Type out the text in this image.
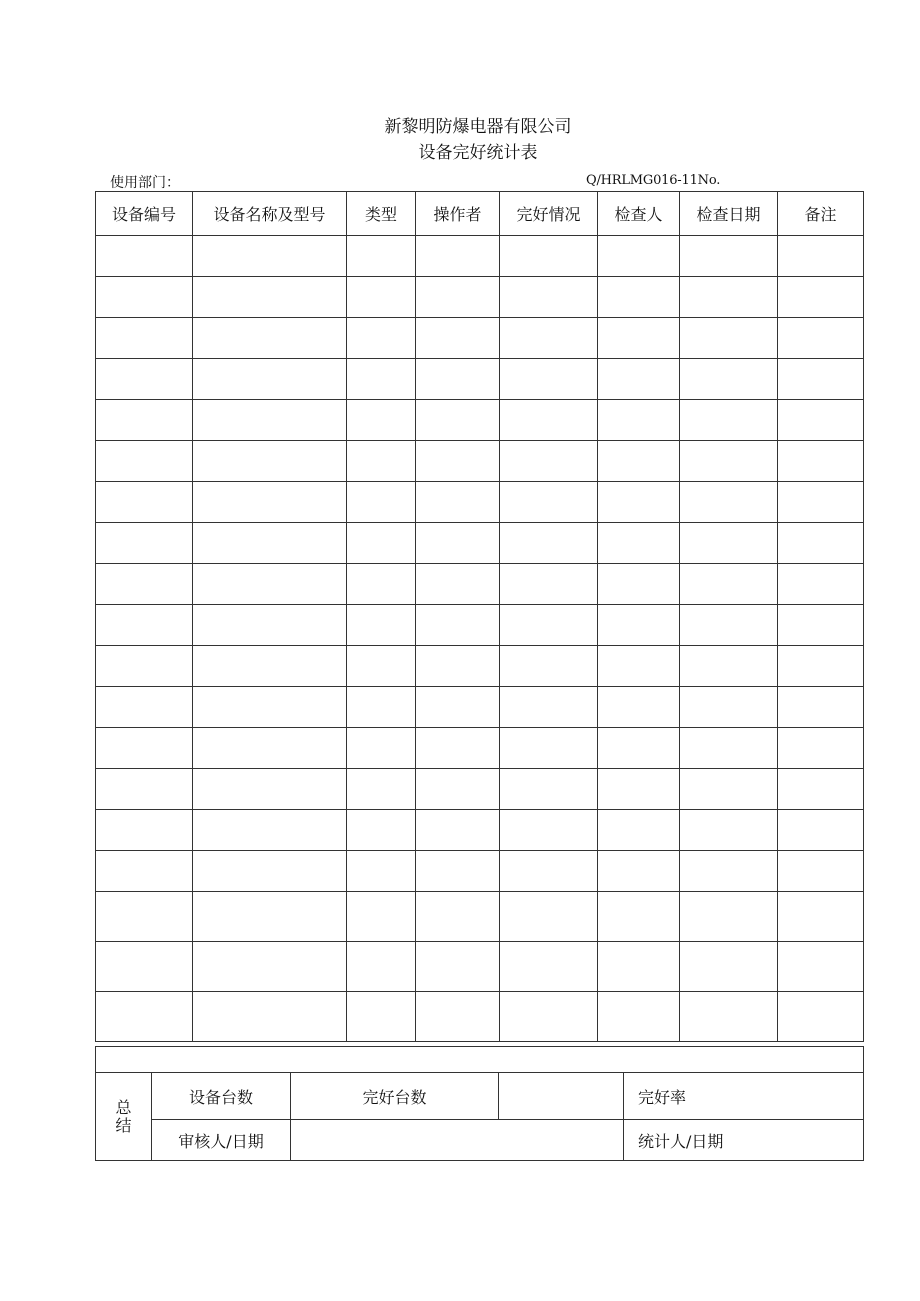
新黎明防爆电器有限公司
设备完好统计表
使用部门：	Q/HRLMG016-11No.
设备编号	设备名称及型号	类型	操作者	完好情况	检查人	检查日期	备注

总
结	设备台数	完好台数		完好率
	审核人/日期			统计人/日期
